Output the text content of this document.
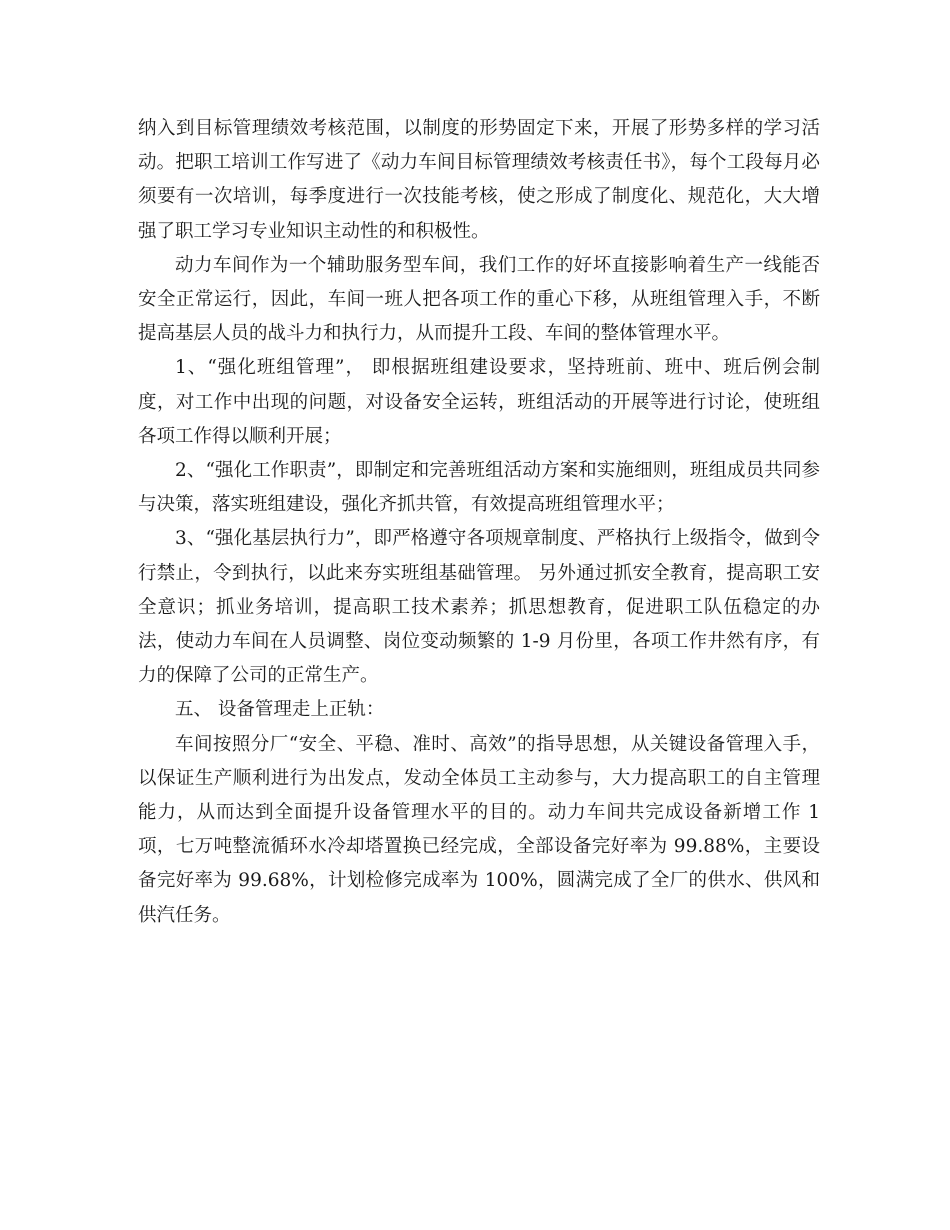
纳入到目标管理绩效考核范围，以制度的形势固定下来，开展了形势多样的学习活动。把职工培训工作写进了《动力车间目标管理绩效考核责任书》，每个工段每月必须要有一次培训，每季度进行一次技能考核，使之形成了制度化、规范化，大大增强了职工学习专业知识主动性的和积极性。

动力车间作为一个辅助服务型车间，我们工作的好坏直接影响着生产一线能否安全正常运行，因此，车间一班人把各项工作的重心下移，从班组管理入手，不断提高基层人员的战斗力和执行力，从而提升工段、车间的整体管理水平。

1、“强化班组管理”， 即根据班组建设要求，坚持班前、班中、班后例会制度，对工作中出现的问题，对设备安全运转，班组活动的开展等进行讨论，使班组各项工作得以顺利开展；

2、“强化工作职责”，即制定和完善班组活动方案和实施细则，班组成员共同参与决策，落实班组建设，强化齐抓共管，有效提高班组管理水平；

3、“强化基层执行力”，即严格遵守各项规章制度、严格执行上级指令，做到令行禁止，令到执行，以此来夯实班组基础管理。 另外通过抓安全教育，提高职工安全意识；抓业务培训，提高职工技术素养；抓思想教育，促进职工队伍稳定的办法，使动力车间在人员调整、岗位变动频繁的 1-9 月份里，各项工作井然有序，有力的保障了公司的正常生产。

五、 设备管理走上正轨：

车间按照分厂“安全、平稳、准时、高效”的指导思想，从关键设备管理入手，以保证生产顺利进行为出发点，发动全体员工主动参与，大力提高职工的自主管理能力，从而达到全面提升设备管理水平的目的。动力车间共完成设备新增工作 1 项，七万吨整流循环水冷却塔置换已经完成，全部设备完好率为 99.88%，主要设备完好率为 99.68%，计划检修完成率为 100%，圆满完成了全厂的供水、供风和供汽任务。
